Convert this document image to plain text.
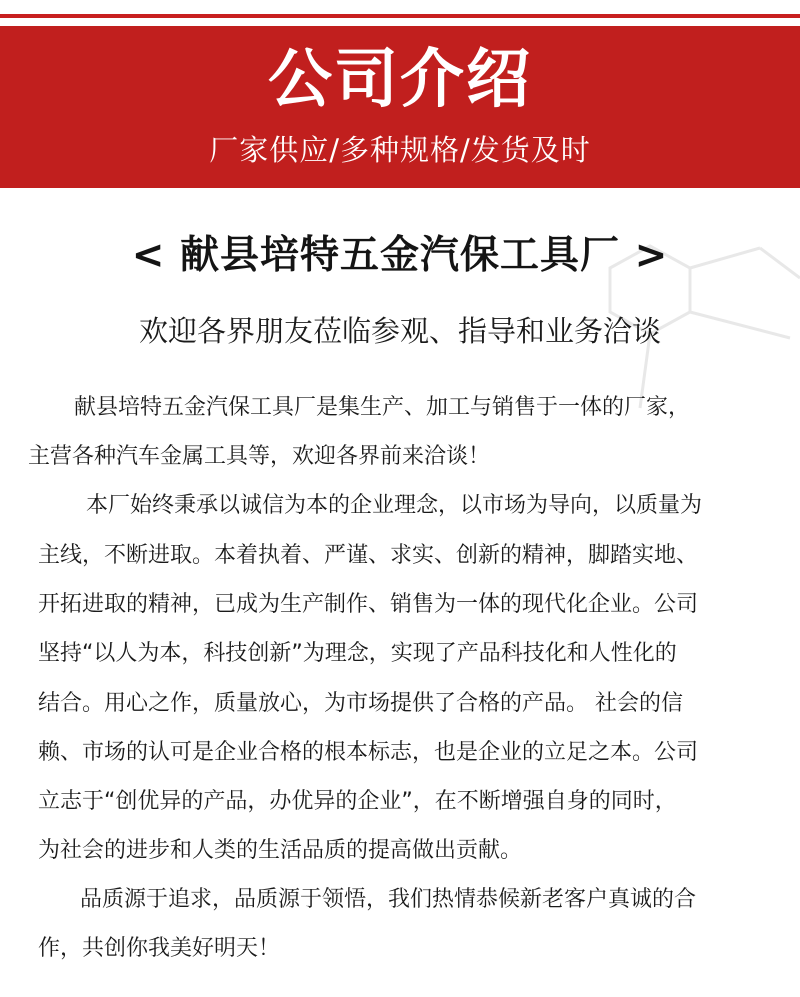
公司介绍
厂家供应/多种规格/发货及时
< 献县培特五金汽保工具厂 >
欢迎各界朋友莅临参观、指导和业务洽谈
献县培特五金汽保工具厂是集生产、加工与销售于一体的厂家，
主营各种汽车金属工具等，欢迎各界前来洽谈！
本厂始终秉承以诚信为本的企业理念，以市场为导向，以质量为
主线，不断进取。本着执着、严谨、求实、创新的精神，脚踏实地、
开拓进取的精神，已成为生产制作、销售为一体的现代化企业。公司
坚持“以人为本，科技创新”为理念，实现了产品科技化和人性化的
结合。用心之作，质量放心，为市场提供了合格的产品。 社会的信
赖、市场的认可是企业合格的根本标志，也是企业的立足之本。公司
立志于“创优异的产品，办优异的企业”，在不断增强自身的同时，
为社会的进步和人类的生活品质的提高做出贡献。
品质源于追求，品质源于领悟，我们热情恭候新老客户真诚的合
作，共创你我美好明天！
